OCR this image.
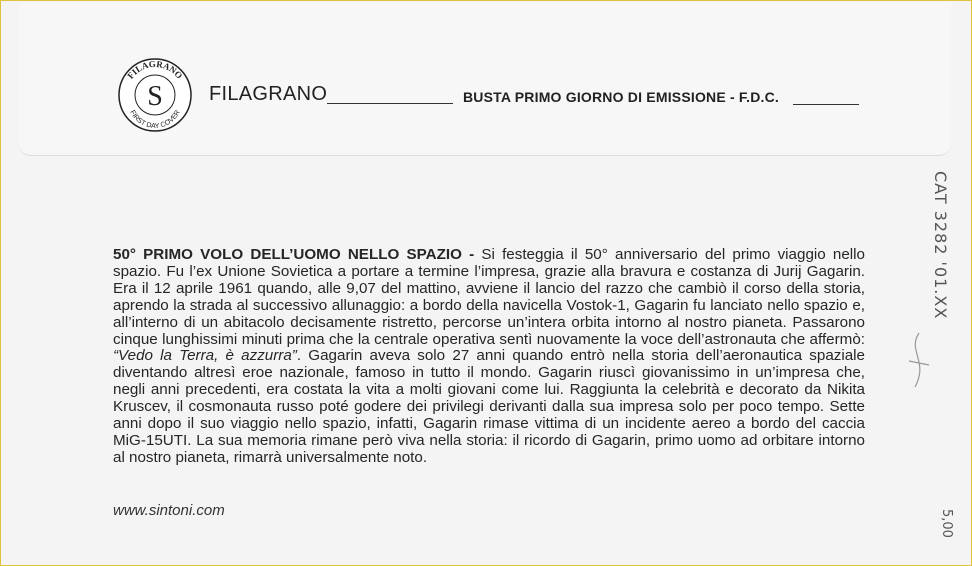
FILAGRANO
FIRST DAY COVER
S FILAGRANO	BUSTA PRIMO GIORNO DI EMISSIONE - F.D.C.
50° PRIMO VOLO DELL’UOMO NELLO SPAZIO - Si festeggia il 50° anniversario del primo viaggio nello spazio. Fu l’ex Unione Sovietica a portare a termine l’impresa, grazie alla bravura e costanza di Jurij Gagarin. Era il 12 aprile 1961 quando, alle 9,07 del mattino, avviene il lancio del razzo che cambiò il corso della storia, aprendo la strada al successivo allunaggio: a bordo della navicella Vostok-1, Gagarin fu lanciato nello spazio e, all’interno di un abitacolo decisamente ristretto, percorse un’intera orbita intorno al nostro pianeta. Passarono cinque lunghissimi minuti prima che la centrale operativa sentì nuovamente la voce dell’astronauta che affermò: “Vedo la Terra, è azzurra”. Gagarin aveva solo 27 anni quando entrò nella storia dell’aeronautica spaziale diventando altresì eroe nazionale, famoso in tutto il mondo. Gagarin riuscì giovanissimo in un’impresa che, negli anni precedenti, era costata la vita a molti giovani come lui. Raggiunta la celebrità e decorato da Nikita Kruscev, il cosmonauta russo poté godere dei privilegi derivanti dalla sua impresa solo per poco tempo. Sette anni dopo il suo viaggio nello spazio, infatti, Gagarin rimase vittima di un incidente aereo a bordo del caccia MiG-15UTI. La sua memoria rimane però viva nella storia: il ricordo di Gagarin, primo uomo ad orbitare intorno al nostro pianeta, rimarrà universalmente noto.
www.sintoni.com
CAT 3282 '01.XX
5,00
